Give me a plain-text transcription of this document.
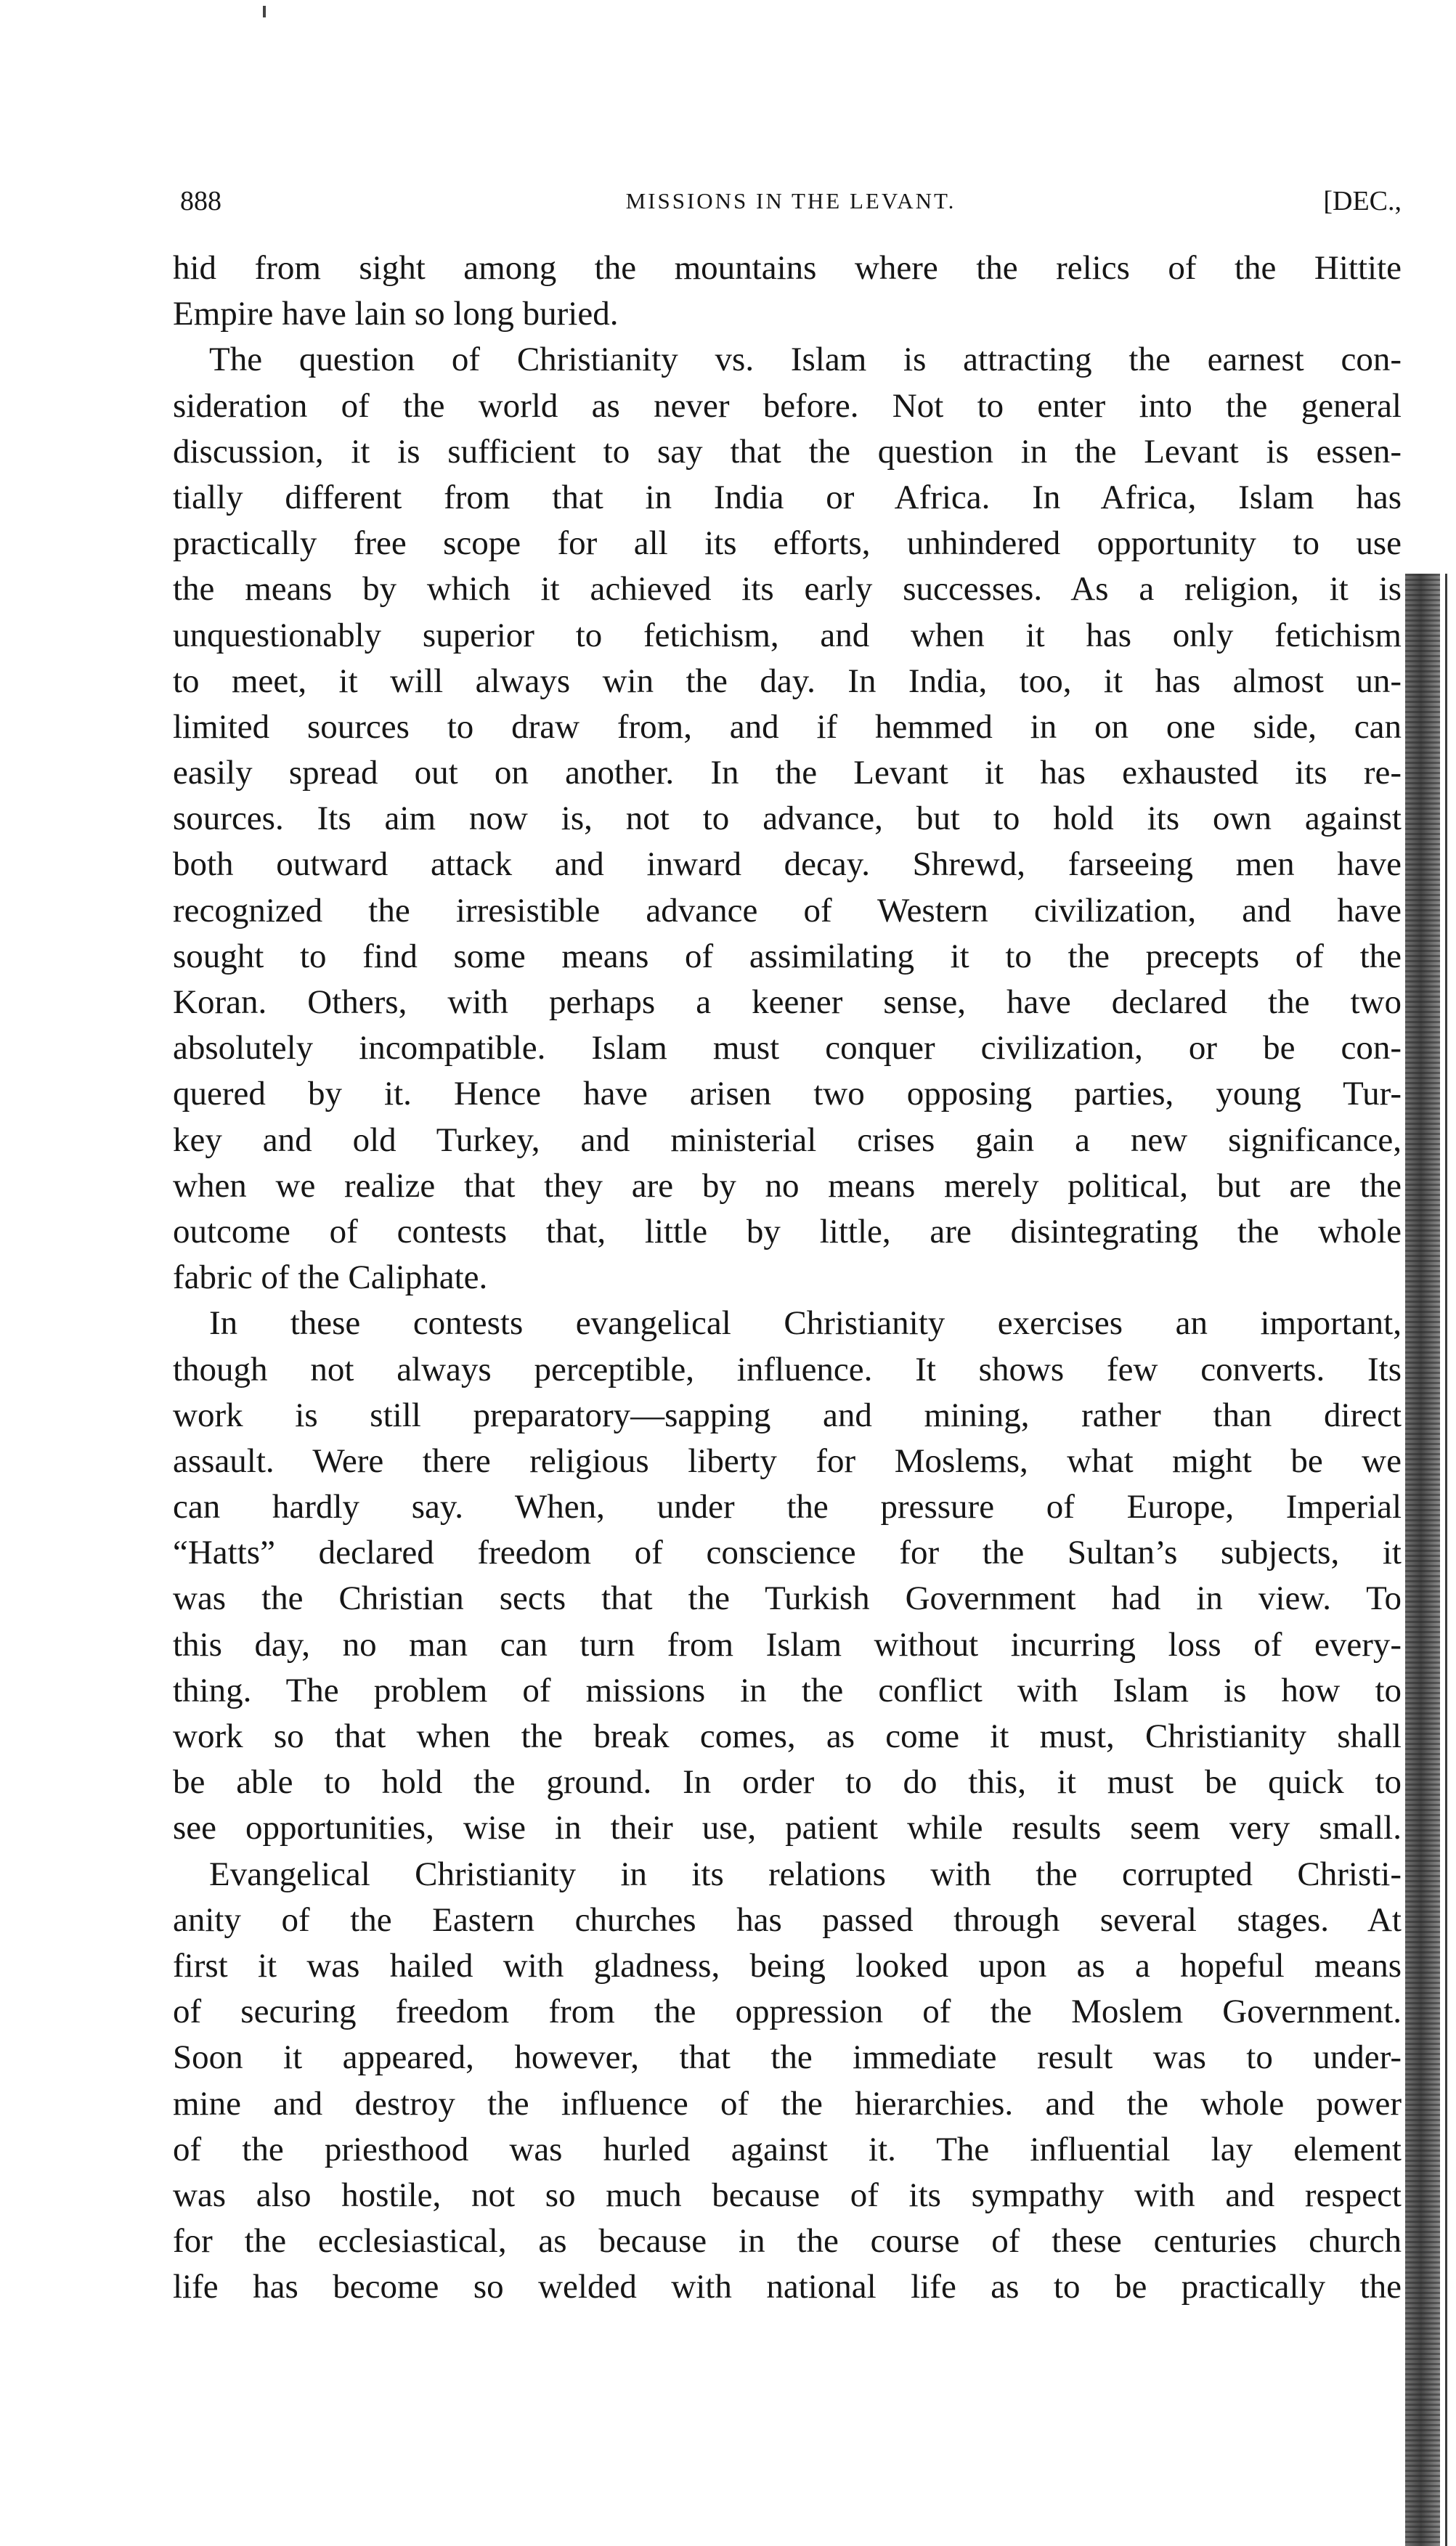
888	MISSIONS IN THE LEVANT.	[DEC.,
hid from sight among the mountains where the relics of the Hittite
Empire have lain so long buried.
The question of Christianity vs. Islam is attracting the earnest con-
sideration of the world as never before. Not to enter into the general
discussion, it is sufficient to say that the question in the Levant is essen-
tially different from that in India or Africa. In Africa, Islam has
practically free scope for all its efforts, unhindered opportunity to use
the means by which it achieved its early successes. As a religion, it is
unquestionably superior to fetichism, and when it has only fetichism
to meet, it will always win the day. In India, too, it has almost un-
limited sources to draw from, and if hemmed in on one side, can
easily spread out on another. In the Levant it has exhausted its re-
sources. Its aim now is, not to advance, but to hold its own against
both outward attack and inward decay. Shrewd, farseeing men have
recognized the irresistible advance of Western civilization, and have
sought to find some means of assimilating it to the precepts of the
Koran. Others, with perhaps a keener sense, have declared the two
absolutely incompatible. Islam must conquer civilization, or be con-
quered by it. Hence have arisen two opposing parties, young Tur-
key and old Turkey, and ministerial crises gain a new significance,
when we realize that they are by no means merely political, but are the
outcome of contests that, little by little, are disintegrating the whole
fabric of the Caliphate.
In these contests evangelical Christianity exercises an important,
though not always perceptible, influence. It shows few converts. Its
work is still preparatory—sapping and mining, rather than direct
assault. Were there religious liberty for Moslems, what might be we
can hardly say. When, under the pressure of Europe, Imperial
“Hatts” declared freedom of conscience for the Sultan’s subjects, it
was the Christian sects that the Turkish Government had in view. To
this day, no man can turn from Islam without incurring loss of every-
thing. The problem of missions in the conflict with Islam is how to
work so that when the break comes, as come it must, Christianity shall
be able to hold the ground. In order to do this, it must be quick to
see opportunities, wise in their use, patient while results seem very small.
Evangelical Christianity in its relations with the corrupted Christi-
anity of the Eastern churches has passed through several stages. At
first it was hailed with gladness, being looked upon as a hopeful means
of securing freedom from the oppression of the Moslem Government.
Soon it appeared, however, that the immediate result was to under-
mine and destroy the influence of the hierarchies. and the whole power
of the priesthood was hurled against it. The influential lay element
was also hostile, not so much because of its sympathy with and respect
for the ecclesiastical, as because in the course of these centuries church
life has become so welded with national life as to be practically the
